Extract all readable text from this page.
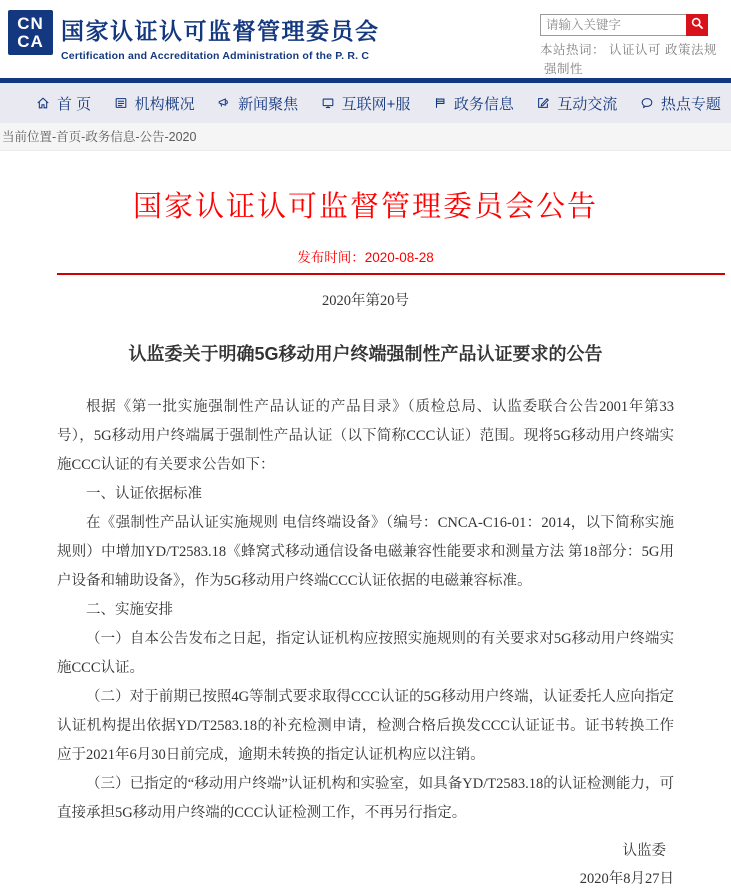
CN
CA 国家认证认可监督管理委员会
Certification and Accreditation Administration of the P. R. C
请输入关键字	本站热词： 认证认可 政策法规强制性
首 页	机构概况	新闻聚焦	互联网+服	政务信息	互动交流	热点专题
当前位置-首页-政务信息-公告-2020
国家认证认可监督管理委员会公告
发布时间：2020-08-28
2020年第20号
认监委关于明确5G移动用户终端强制性产品认证要求的公告

根据《第一批实施强制性产品认证的产品目录》（质检总局、认监委联合公告2001年第33号），5G移动用户终端属于强制性产品认证（以下简称CCC认证）范围。现将5G移动用户终端实施CCC认证的有关要求公告如下：

一、认证依据标准

在《强制性产品认证实施规则 电信终端设备》（编号：CNCA-C16-01：2014，以下简称实施规则）中增加YD/T2583.18《蜂窝式移动通信设备电磁兼容性能要求和测量方法 第18部分：5G用户设备和辅助设备》，作为5G移动用户终端CCC认证依据的电磁兼容标准。

二、实施安排

（一）自本公告发布之日起，指定认证机构应按照实施规则的有关要求对5G移动用户终端实施CCC认证。

（二）对于前期已按照4G等制式要求取得CCC认证的5G移动用户终端，认证委托人应向指定认证机构提出依据YD/T2583.18的补充检测申请，检测合格后换发CCC认证证书。证书转换工作应于2021年6月30日前完成，逾期未转换的指定认证机构应以注销。

（三）已指定的“移动用户终端”认证机构和实验室，如具备YD/T2583.18的认证检测能力，可直接承担5G移动用户终端的CCC认证检测工作，不再另行指定。

认监委
2020年8月27日
